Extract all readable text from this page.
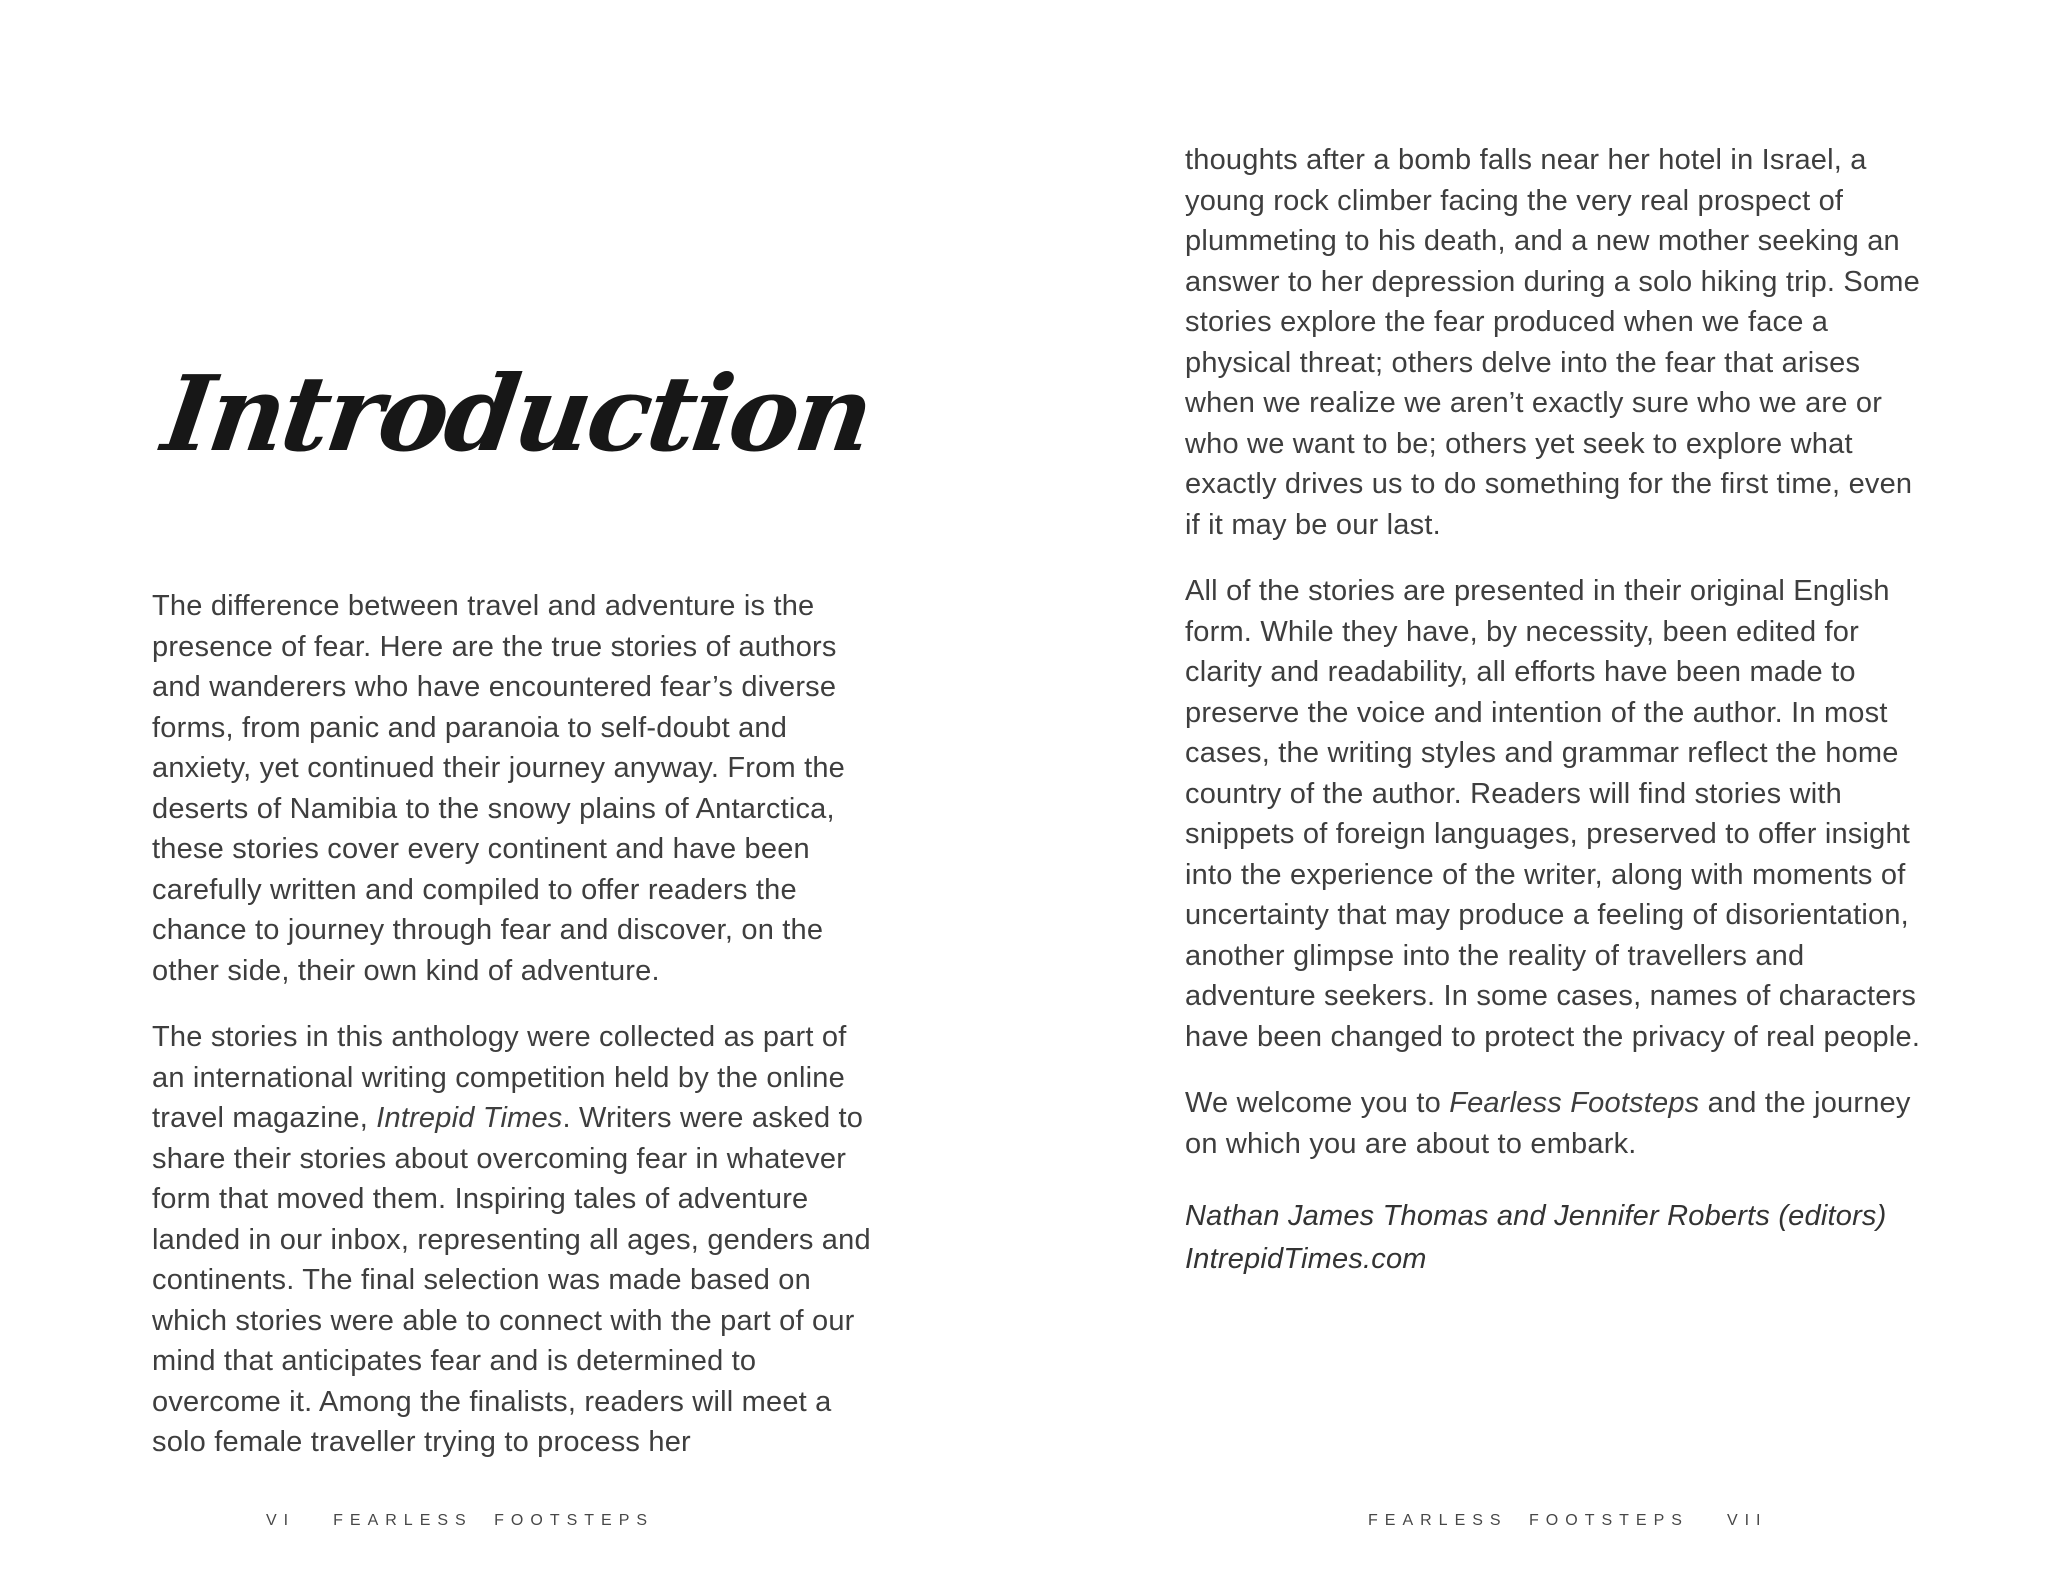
Introduction

The difference between travel and adventure is the presence of fear. Here are the true stories of authors and wanderers who have encountered fear’s diverse forms, from panic and paranoia to self-doubt and anxiety, yet continued their journey anyway. From the deserts of Namibia to the snowy plains of Antarctica, these stories cover every continent and have been carefully written and compiled to offer readers the chance to journey through fear and discover, on the other side, their own kind of adventure.

The stories in this anthology were collected as part of an international writing competition held by the online travel magazine, Intrepid Times. Writers were asked to share their stories about overcoming fear in whatever form that moved them. Inspiring tales of adventure landed in our inbox, representing all ages, genders and continents. The final selection was made based on which stories were able to connect with the part of our mind that anticipates fear and is determined to overcome it. Among the finalists, readers will meet a solo female traveller trying to process her

VI FEARLESS FOOTSTEPS

thoughts after a bomb falls near her hotel in Israel, a young rock climber facing the very real prospect of plummeting to his death, and a new mother seeking an answer to her depression during a solo hiking trip. Some stories explore the fear produced when we face a physical threat; others delve into the fear that arises when we realize we aren’t exactly sure who we are or who we want to be; others yet seek to explore what exactly drives us to do something for the first time, even if it may be our last.

All of the stories are presented in their original English form. While they have, by necessity, been edited for clarity and readability, all efforts have been made to preserve the voice and intention of the author. In most cases, the writing styles and grammar reflect the home country of the author. Readers will find stories with snippets of foreign languages, preserved to offer insight into the experience of the writer, along with moments of uncertainty that may produce a feeling of disorientation, another glimpse into the reality of travellers and adventure seekers. In some cases, names of characters have been changed to protect the privacy of real people.

We welcome you to Fearless Footsteps and the journey on which you are about to embark.

Nathan James Thomas and Jennifer Roberts (editors)

IntrepidTimes.com

FEARLESS FOOTSTEPS VII
